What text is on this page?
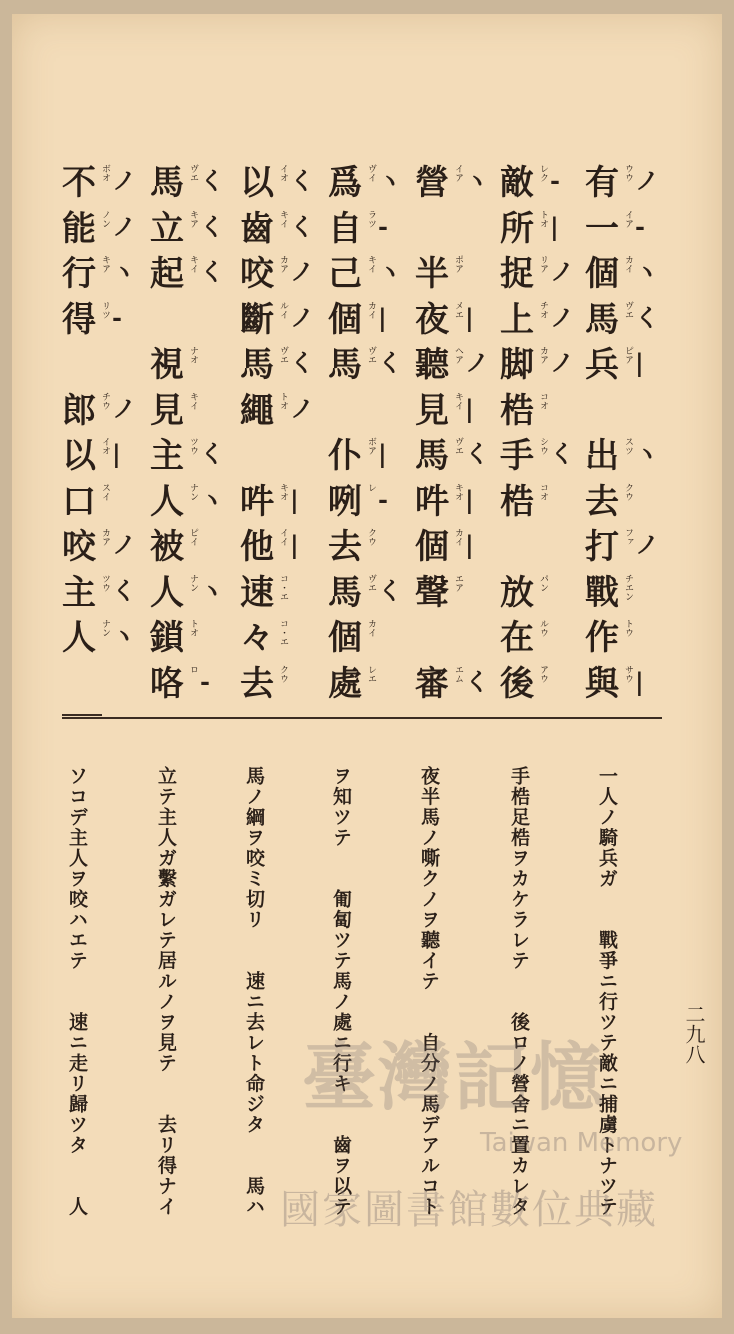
有 ウウ ノ
一 イア -
個 カイ ヽ
馬 ヴエ く
兵 ピア |
出 スツ ヽ
去 クウ
打 ファ ノ
戰 チエン
作 トウ
與 サウ |
敵 レク -
所 トオ |
捉 リア ノ
上 チオ ノ
脚 カア ノ
梏 コオ
手 シウ く
梏 コオ
放 パン
在 ルウ
後 アウ
營 イア ヽ
半 ポア
夜 メエ |
聽 ヘア ノ
見 キイ |
馬 ヴエ く
吽 キオ |
個 カイ |
聲 エア
審 エム く
爲 ヴイ ヽ
自 ラツ -
己 キイ ヽ
個 カイ |
馬 ヴエ く
仆 ボア |
咧 レ -
去 クウ
馬 ヴエ く
個 カイ
處 レエ
以 イオ く
齒 キイ く
咬 カア ノ
斷 ルイ ノ
馬 ヴエ く
繩 トオ ノ
吽 キオ |
他 イイ |
速 コ・エ
々 コ・エ
去 クウ
馬 ヴエ く
立 キア く
起 キイ く
視 ナオ
見 キイ
主 ツウ く
人 ナン ヽ
被 ピイ
人 ナン ヽ
鎖 トオ
咯 ロ -
不 ボオ ノ
能 ノン ノ
行 キア ヽ
得 リツ -
郎 チウ ノ
以 イオ |
口 スイ
咬 カア ノ
主 ツウ く
人 ナン ヽ
一人ノ騎兵ガ　　戰爭ニ行ツテ敵ニ捕虜トナツテ
手梏足梏ヲカケラレテ　　後ロノ營舍ニ置カレタ
夜半馬ノ嘶クノヲ聽イテ　　自分ノ馬デアルコト
ヲ知ツテ　　匍匐ツテ馬ノ處ニ行キ　　齒ヲ以テ
馬ノ綱ヲ咬ミ切リ　　速ニ去レト命ジタ　　馬ハ
立テ主人ガ繫ガレテ居ルノヲ見テ　　去リ得ナイ
ソコデ主人ヲ咬ハエテ　　速ニ走リ歸ツタ　　人	二九八
臺灣記憶
Taiwan Memory
國家圖書館數位典藏
